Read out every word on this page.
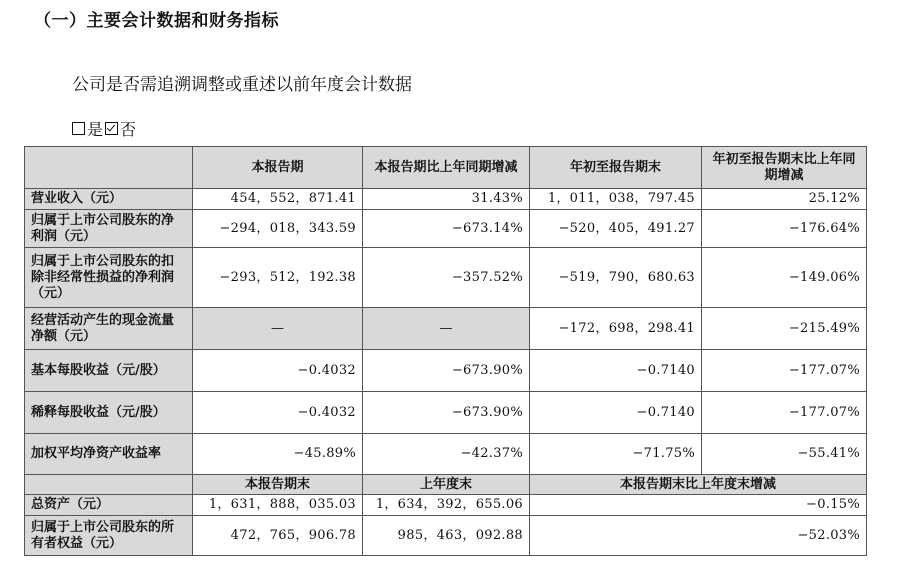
（一）主要会计数据和财务指标
公司是否需追溯调整或重述以前年度会计数据
是 否
	本报告期	本报告期比上年同期增减	年初至报告期末	年初至报告期末比上年同期增减
营业收入（元）	454，552，871.41	31.43%	1，011，038，797.45	25.12%
归属于上市公司股东的净利润（元）	−294，018，343.59	−673.14%	−520，405，491.27	−176.64%
归属于上市公司股东的扣除非经常性损益的净利润（元）	−293，512，192.38	−357.52%	−519，790，680.63	−149.06%
经营活动产生的现金流量净额（元）	—	—	−172，698，298.41	−215.49%
基本每股收益（元/股）	−0.4032	−673.90%	−0.7140	−177.07%
稀释每股收益（元/股）	−0.4032	−673.90%	−0.7140	−177.07%
加权平均净资产收益率	−45.89%	−42.37%	−71.75%	−55.41%
	本报告期末	上年度末	本报告期末比上年度末增减	
总资产（元）	1，631，888，035.03	1，634，392，655.06	−0.15%	
归属于上市公司股东的所有者权益（元）	472，765，906.78	985，463，092.88	−52.03%	
